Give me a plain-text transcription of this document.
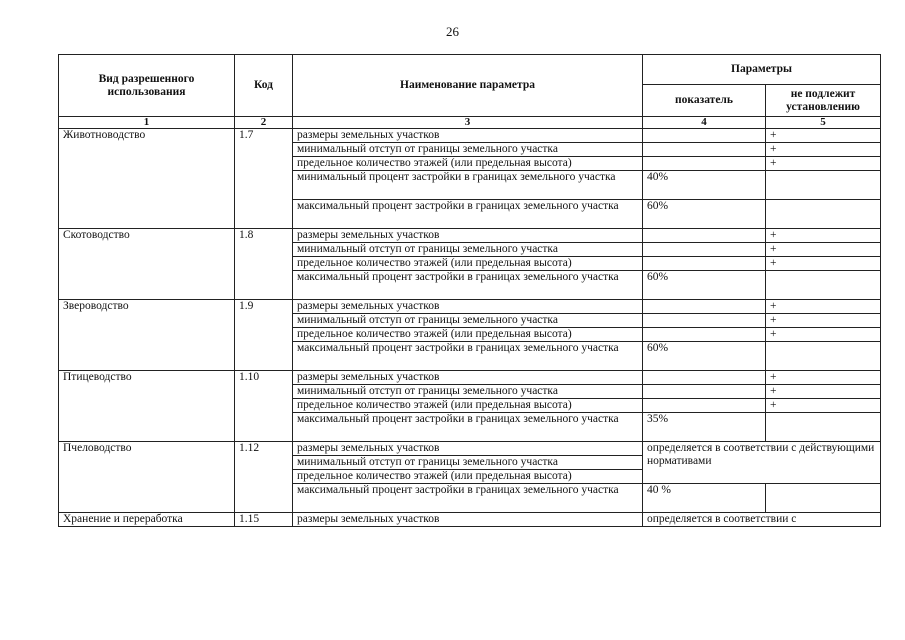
26
Вид разрешенного использования	Код	Наименование параметра	Параметры	
			показатель	не подлежит установлению
1	2	3	4	5
Животноводство	1.7	размеры земельных участков		+
		минимальный отступ от границы земельного участка		+
		предельное количество этажей (или предельная высота)		+
		минимальный процент застройки в границах земельного участка	40%	
		максимальный процент застройки в границах земельного участка	60%	
Скотоводство	1.8	размеры земельных участков		+
		минимальный отступ от границы земельного участка		+
		предельное количество этажей (или предельная высота)		+
		максимальный процент застройки в границах земельного участка	60%	
Звероводство	1.9	размеры земельных участков		+
		минимальный отступ от границы земельного участка		+
		предельное количество этажей (или предельная высота)		+
		максимальный процент застройки в границах земельного участка	60%	
Птицеводство	1.10	размеры земельных участков		+
		минимальный отступ от границы земельного участка		+
		предельное количество этажей (или предельная высота)		+
		максимальный процент застройки в границах земельного участка	35%	
Пчеловодство	1.12	размеры земельных участков	определяется в соответствии с действующими нормативами	
		минимальный отступ от границы земельного участка		
		предельное количество этажей (или предельная высота)		
		максимальный процент застройки в границах земельного участка	40 %	
Хранение и переработка	1.15	размеры земельных участков	определяется в соответствии с	
